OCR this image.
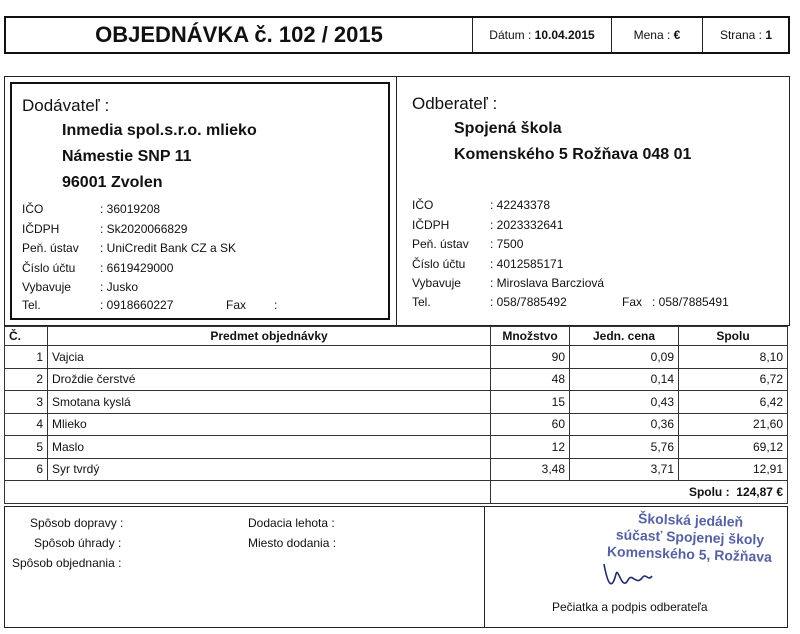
OBJEDNÁVKA č. 102 / 2015	Dátum : 10.04.2015	Mena : €	Strana : 1
Dodávateľ :
Inmedia spol.s.r.o. mlieko
Námestie SNP 11
96001 Zvolen
IČO	: 36019208
IČDPH	: Sk2020066829
Peň. ústav : UniCredit Bank CZ a SK
Číslo účtu : 6619429000
Vybavuje : Jusko
Tel.	: 0918660227	Fax :
Odberateľ :
Spojená škola
Komenského 5 Rožňava 048 01
IČO	: 42243378
IČDPH	: 2023332641
Peň. ústav : 7500
Číslo účtu : 4012585171
Vybavuje : Miroslava Barcziová
Tel.	: 058/7885492	Fax : 058/7885491
Č.	Predmet objednávky	Množstvo	Jedn. cena	Spolu
1	Vajcia	90	0,09	8,10
2	Droždie čerstvé	48	0,14	6,72
3	Smotana kyslá	15	0,43	6,42
4	Mlieko	60	0,36	21,60
5	Maslo	12	5,76	69,12
6	Syr tvrdý	3,48	3,71	12,91
		Spolu : 124,87 €		
Spôsob dopravy :
Spôsob úhrady :
Spôsob objednania :
Dodacia lehota :
Miesto dodania :
Školská jedáleň
súčasť Spojenej školy
Komenského 5, Rožňava
Pečiatka a podpis odberateľa
